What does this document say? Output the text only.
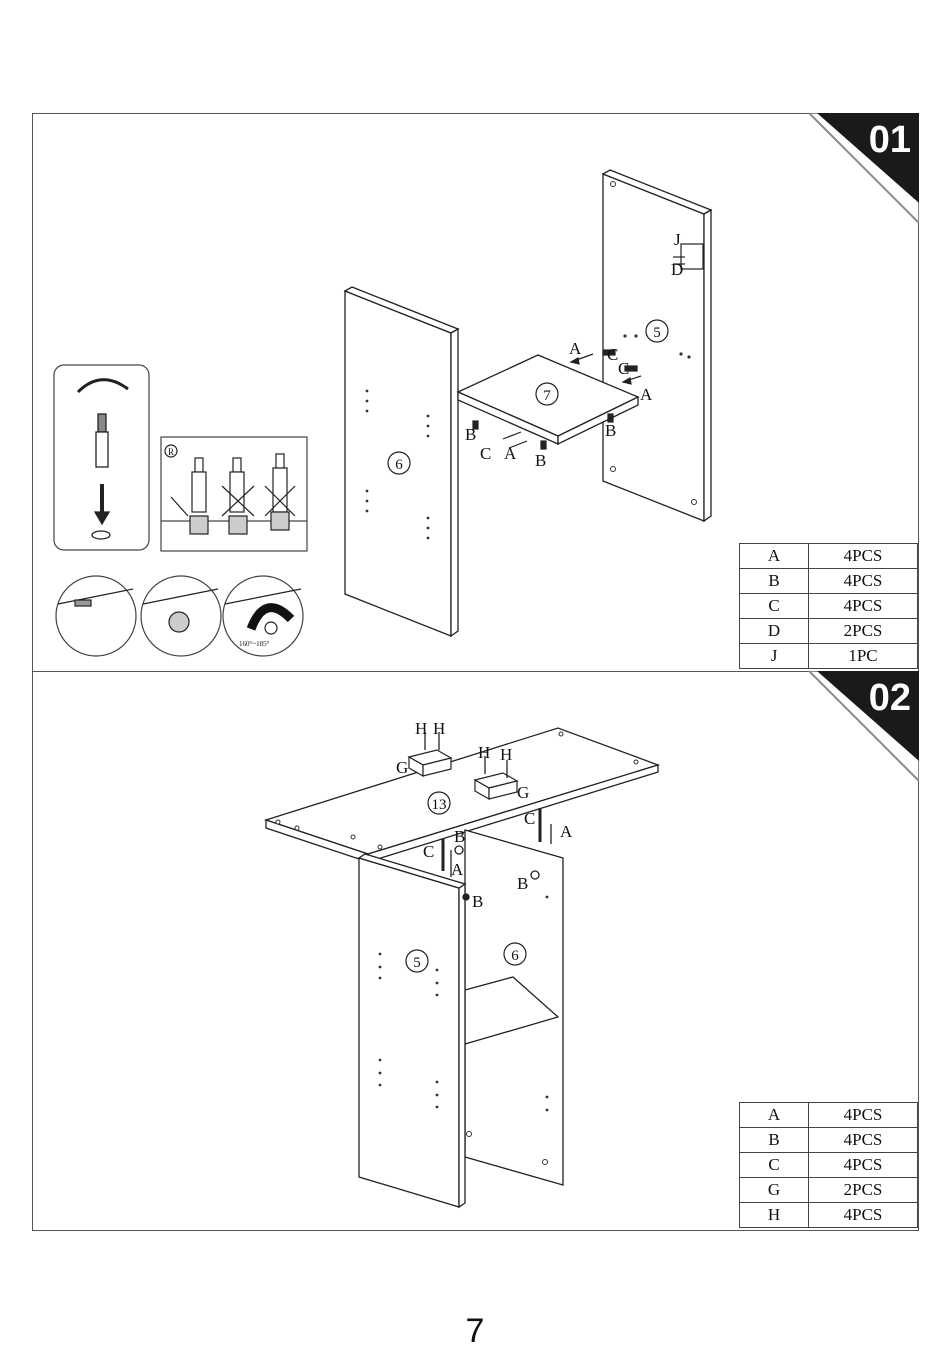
01
A C
C
A
B	B
C A B
J
D
6
5
7
R
160°~185°
A	4PCS
B	4PCS
C	4PCS
D	2PCS
J	1PC
02
H H
H H
G
G
C
A
B
C
A
B
B
13
5	6
A	4PCS
B	4PCS
C	4PCS
G	2PCS
H	4PCS
7
